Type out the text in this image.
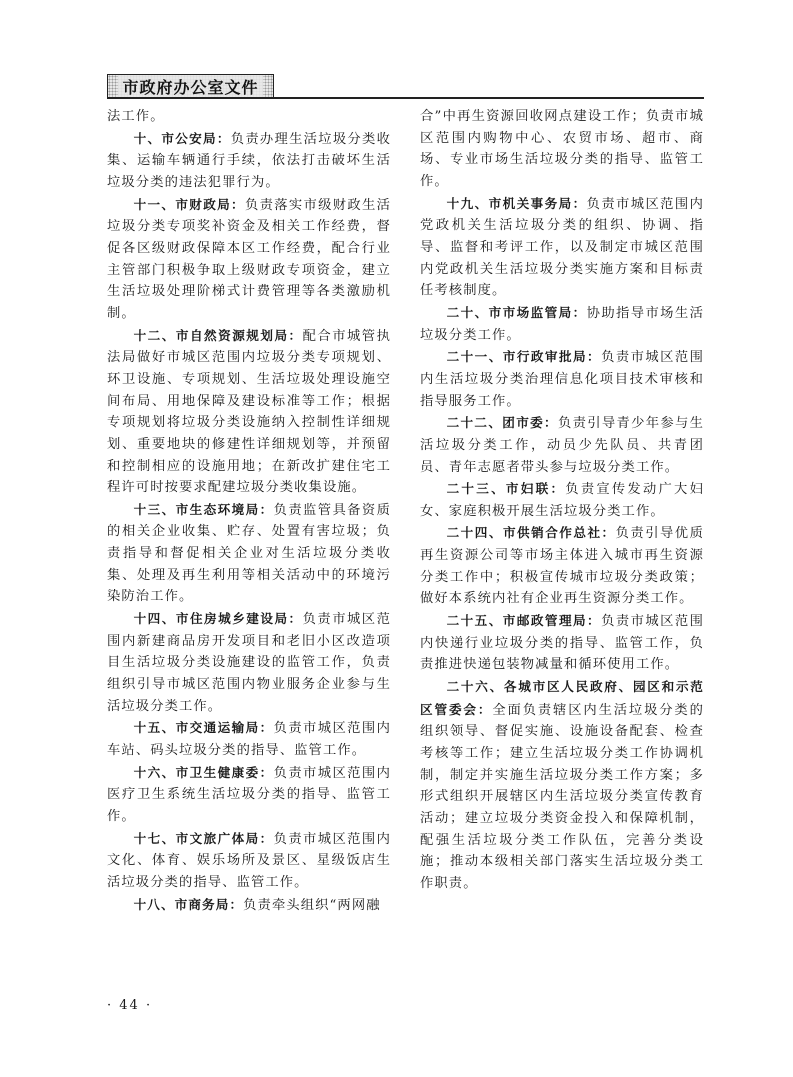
市政府办公室文件

法工作。

十、市公安局：负责办理生活垃圾分类收集、运输车辆通行手续，依法打击破坏生活垃圾分类的违法犯罪行为。

十一、市财政局：负责落实市级财政生活垃圾分类专项奖补资金及相关工作经费，督促各区级财政保障本区工作经费，配合行业主管部门积极争取上级财政专项资金，建立生活垃圾处理阶梯式计费管理等各类激励机制。

十二、市自然资源规划局：配合市城管执法局做好市城区范围内垃圾分类专项规划、环卫设施、专项规划、生活垃圾处理设施空间布局、用地保障及建设标准等工作；根据专项规划将垃圾分类设施纳入控制性详细规划、重要地块的修建性详细规划等，并预留和控制相应的设施用地；在新改扩建住宅工程许可时按要求配建垃圾分类收集设施。

十三、市生态环境局：负责监管具备资质的相关企业收集、贮存、处置有害垃圾；负责指导和督促相关企业对生活垃圾分类收集、处理及再生利用等相关活动中的环境污染防治工作。

十四、市住房城乡建设局：负责市城区范围内新建商品房开发项目和老旧小区改造项目生活垃圾分类设施建设的监管工作，负责组织引导市城区范围内物业服务企业参与生活垃圾分类工作。

十五、市交通运输局：负责市城区范围内车站、码头垃圾分类的指导、监管工作。

十六、市卫生健康委：负责市城区范围内医疗卫生系统生活垃圾分类的指导、监管工作。

十七、市文旅广体局：负责市城区范围内文化、体育、娱乐场所及景区、星级饭店生活垃圾分类的指导、监管工作。

十八、市商务局：负责牵头组织“两网融

合”中再生资源回收网点建设工作；负责市城区范围内购物中心、农贸市场、超市、商场、专业市场生活垃圾分类的指导、监管工作。

十九、市机关事务局：负责市城区范围内党政机关生活垃圾分类的组织、协调、指导、监督和考评工作，以及制定市城区范围内党政机关生活垃圾分类实施方案和目标责任考核制度。

二十、市市场监管局：协助指导市场生活垃圾分类工作。

二十一、市行政审批局：负责市城区范围内生活垃圾分类治理信息化项目技术审核和指导服务工作。

二十二、团市委：负责引导青少年参与生活垃圾分类工作，动员少先队员、共青团员、青年志愿者带头参与垃圾分类工作。

二十三、市妇联：负责宣传发动广大妇女、家庭积极开展生活垃圾分类工作。

二十四、市供销合作总社：负责引导优质再生资源公司等市场主体进入城市再生资源分类工作中；积极宣传城市垃圾分类政策；做好本系统内社有企业再生资源分类工作。

二十五、市邮政管理局：负责市城区范围内快递行业垃圾分类的指导、监管工作，负责推进快递包装物减量和循环使用工作。

二十六、各城市区人民政府、园区和示范区管委会：全面负责辖区内生活垃圾分类的组织领导、督促实施、设施设备配套、检查考核等工作；建立生活垃圾分类工作协调机制，制定并实施生活垃圾分类工作方案；多形式组织开展辖区内生活垃圾分类宣传教育活动；建立垃圾分类资金投入和保障机制，配强生活垃圾分类工作队伍，完善分类设施；推动本级相关部门落实生活垃圾分类工作职责。

· 44 ·
